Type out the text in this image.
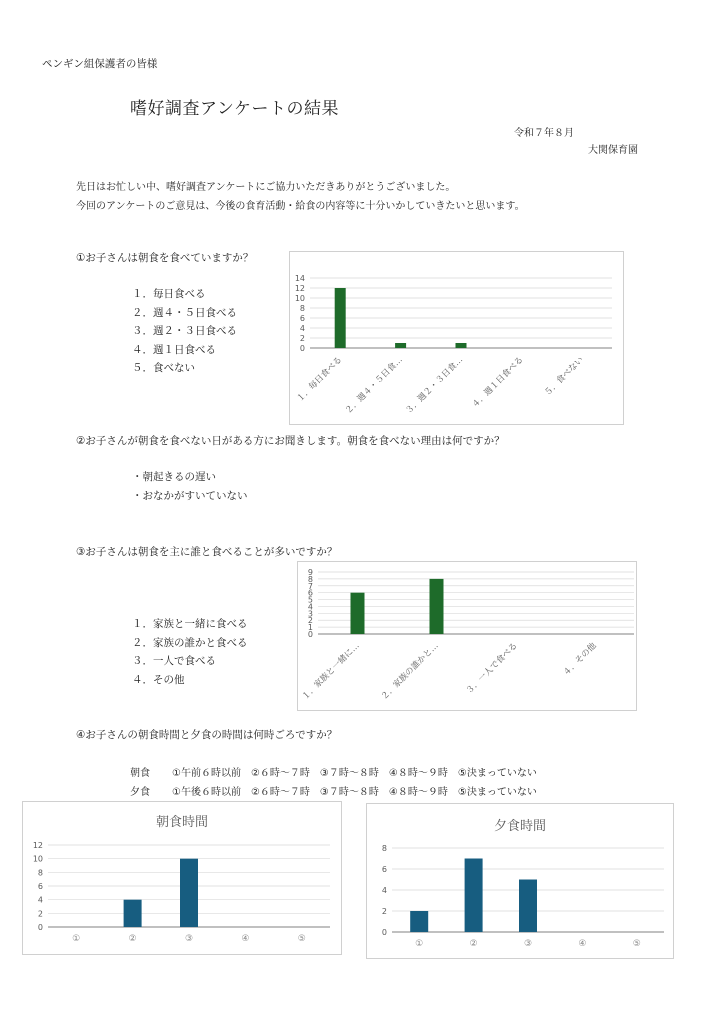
ペンギン組保護者の皆様
嗜好調査アンケートの結果
令和７年８月
大関保育園
先日はお忙しい中、嗜好調査アンケートにご協力いただきありがとうございました。
今回のアンケートのご意見は、今後の食育活動・給食の内容等に十分いかしていきたいと思います。
①お子さんは朝食を食べていますか？
１．毎日食べる
２．週４・５日食べる
３．週２・３日食べる
４．週１日食べる
５．食べない
0
2
4
6
8
10
12
14
１．毎日食べる ２．週４・５日食… ３．週２・３日食… ４．週１日食べる ５．食べない
②お子さんが朝食を食べない日がある方にお聞きします。朝食を食べない理由は何ですか？
・朝起きるの遅い
・おなかがすいていない
③お子さんは朝食を主に誰と食べることが多いですか？
１．家族と一緒に食べる
２．家族の誰かと食べる
３．一人で食べる
４．その他
0
1
2
3
4
5
6
7
8
9
１．家族と一緒に… ２．家族の誰かと…	３．一人で食べる	４．その他
④お子さんの朝食時間と夕食の時間は何時ごろですか？
朝食 ①午前６時以前　②６時〜７時　③７時〜８時　④８時〜９時　⑤決まっていない
夕食 ①午後６時以前　②６時〜７時　③７時〜８時　④８時〜９時　⑤決まっていない
朝食時間
0
2
4
6
8
10
12
①	②	③	④	⑤
夕食時間
0
2
4
6
8
①	②	③	④	⑤
